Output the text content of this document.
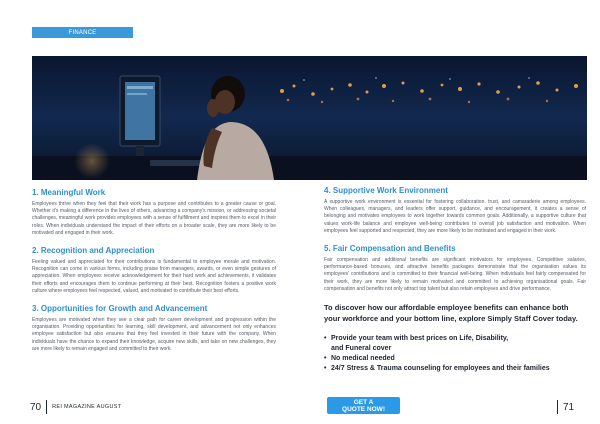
FINANCE
1. Meaningful Work

Employees thrive when they feel that their work has a purpose and contributes to a greater cause or goal. Whether it's making a difference in the lives of others, advancing a company's mission, or addressing societal challenges, meaningful work provides employees with a sense of fulfillment and inspires them to excel in their roles. When individuals understand the impact of their efforts on a broader scale, they are more likely to be motivated and engaged in their work.

2. Recognition and Appreciation

Feeling valued and appreciated for their contributions is fundamental to employee morale and motivation. Recognition can come in various forms, including praise from managers, awards, or even simple gestures of appreciation. When employees receive acknowledgement for their hard work and achievements, it validates their efforts and encourages them to continue performing at their best. Recognition fosters a positive work culture where employees feel respected, valued, and motivated to contribute their best efforts.

3. Opportunities for Growth and Advancement

Employees are motivated when they see a clear path for career development and progression within the organisation. Providing opportunities for learning, skill development, and advancement not only enhances employee satisfaction but also ensures that they feel invested in their future with the company. When individuals have the chance to expand their knowledge, acquire new skills, and take on new challenges, they are more likely to remain engaged and committed to their work.

4. Supportive Work Environment

A supportive work environment is essential for fostering collaboration, trust, and camaraderie among employees. When colleagues, managers, and leaders offer support, guidance, and encouragement, it creates a sense of belonging and motivates employees to work together towards common goals. Additionally, a supportive culture that values work-life balance and employee well-being contributes to overall job satisfaction and motivation. When employees feel supported and respected, they are more likely to be motivated and engaged in their work.

5. Fair Compensation and Benefits

Fair compensation and additional benefits are significant motivators for employees. Competitive salaries, performance-based bonuses, and attractive benefits packages demonstrate that the organisation values its employees' contributions and is committed to their financial well-being. When individuals feel fairly compensated for their work, they are more likely to remain motivated and committed to achieving organisational goals. Fair compensation and benefits not only attract top talent but also retain employees and drive performance.

To discover how our affordable employee benefits can enhance both your workforce and your bottom line, explore Simply Staff Cover today.
• Provide your team with best prices on Life, Disability,
and Funeral cover
• No medical needed
• 24/7 Stress & Trauma counseling for employees and their families
GET A
QUOTE NOW!
70 REI MAGAZINE AUGUST	71
